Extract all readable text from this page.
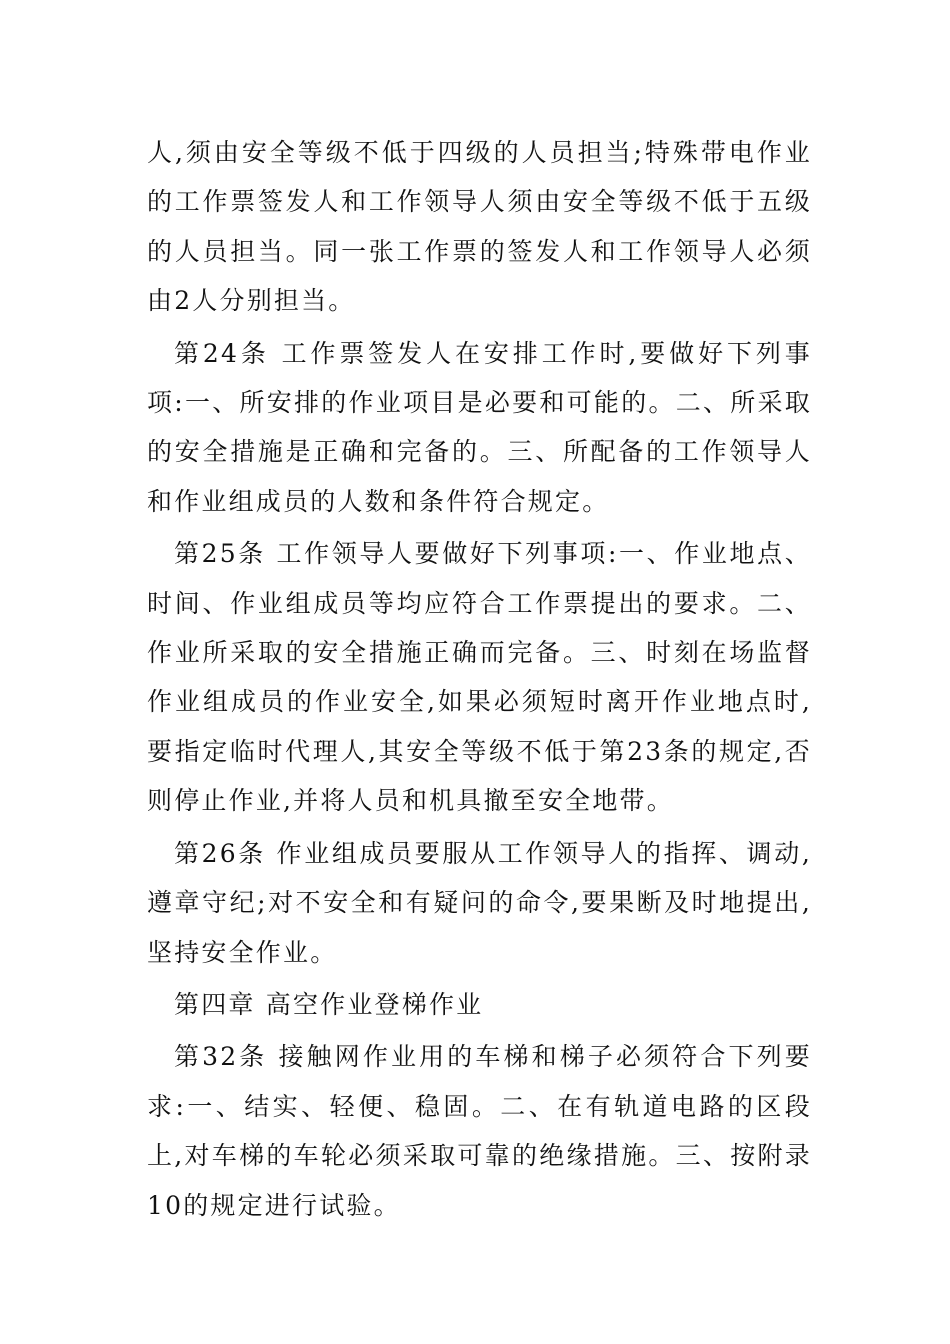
人,须由安全等级不低于四级的人员担当;特殊带电作业的工作票签发人和工作领导人须由安全等级不低于五级的人员担当。同一张工作票的签发人和工作领导人必须由2人分别担当。

第24条 工作票签发人在安排工作时,要做好下列事项:一、所安排的作业项目是必要和可能的。二、所采取的安全措施是正确和完备的。三、所配备的工作领导人和作业组成员的人数和条件符合规定。

第25条 工作领导人要做好下列事项:一、作业地点、时间、作业组成员等均应符合工作票提出的要求。二、作业所采取的安全措施正确而完备。三、时刻在场监督作业组成员的作业安全,如果必须短时离开作业地点时,要指定临时代理人,其安全等级不低于第23条的规定,否则停止作业,并将人员和机具撤至安全地带。

第26条 作业组成员要服从工作领导人的指挥、调动,遵章守纪;对不安全和有疑问的命令,要果断及时地提出,坚持安全作业。

第四章 高空作业登梯作业

第32条 接触网作业用的车梯和梯子必须符合下列要求:一、结实、轻便、稳固。二、在有轨道电路的区段上,对车梯的车轮必须采取可靠的绝缘措施。三、按附录10的规定进行试验。
